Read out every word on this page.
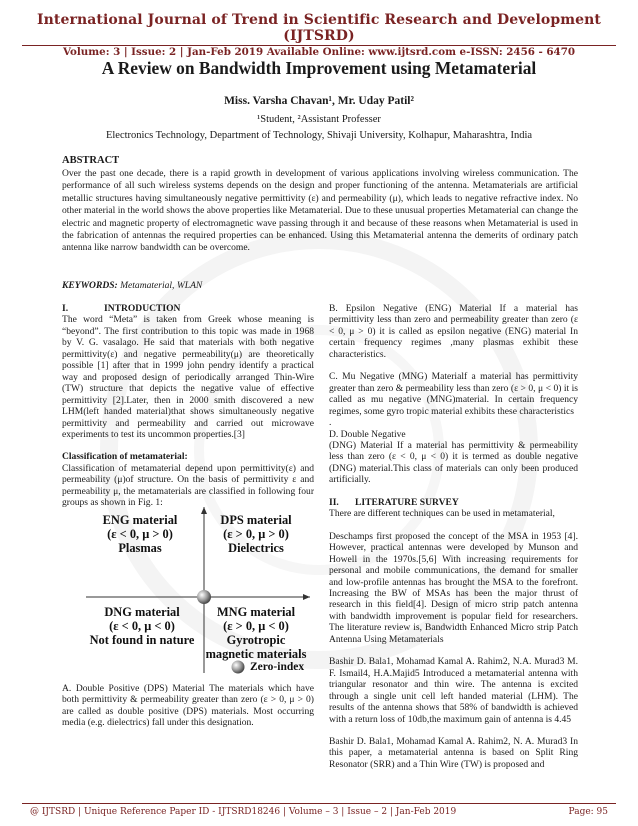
International Journal of Trend in Scientific Research and Development (IJTSRD)
Volume: 3 | Issue: 2 | Jan-Feb 2019 Available Online: www.ijtsrd.com e-ISSN: 2456 - 6470
A Review on Bandwidth Improvement using Metamaterial
Miss. Varsha Chavan¹, Mr. Uday Patil²
¹Student, ²Assistant Professer
Electronics Technology, Department of Technology, Shivaji University, Kolhapur, Maharashtra, India
ABSTRACT
Over the past one decade, there is a rapid growth in development of various applications involving wireless communication. The performance of all such wireless systems depends on the design and proper functioning of the antenna. Metamaterials are artificial metallic structures having simultaneously negative permittivity (ε) and permeability (μ), which leads to negative refractive index. No other material in the world shows the above properties like Metamaterial. Due to these unusual properties Metamaterial can change the electric and magnetic property of electromagnetic wave passing through it and because of these reasons when Metamaterial is used in the fabrication of antennas the required properties can be enhanced. Using this Metamaterial antenna the demerits of ordinary patch antenna like narrow bandwidth can be overcome.
KEYWORDS: Metamaterial, WLAN
I.	INTRODUCTION

The word “Meta” is taken from Greek whose meaning is “beyond”. The first contribution to this topic was made in 1968 by V. G. vasalago. He said that materials with both negative permittivity(ε) and negative permeability(μ) are theoretically possible [1] after that in 1999 john pendry identify a practical way and proposed design of periodically arranged Thin-Wire (TW) structure that depicts the negative value of effective permittivity [2].Later, then in 2000 smith discovered a new LHM(left handed material)that shows simultaneously negative permittivity and permeability and carried out microwave experiments to test its uncommon properties.[3]

Classification of metamaterial:

Classification of metamaterial depend upon permittivity(ε) and permeability (μ)of structure. On the basis of permittivity ε and permeability μ, the metamaterials are classified in following four groups as shown in Fig. 1:

ENG material
(ε < 0, μ > 0)
Plasmas
DPS material
(ε > 0, μ > 0)
Dielectrics
DNG material
(ε < 0, μ < 0)
Not found in nature
MNG material
(ε > 0, μ < 0)
Gyrotropic
magnetic materials
Zero-index
A. Double Positive (DPS) Material The materials which have both permittivity & permeability greater than zero (ε > 0, μ > 0) are called as double positive (DPS) materials. Most occurring media (e.g. dielectrics) fall under this designation.

B. Epsilon Negative (ENG) Material If a material has permittivity less than zero and permeability greater than zero (ε < 0, μ > 0) it is called as epsilon negative (ENG) material In certain frequency regimes ,many plasmas exhibit these characteristics.

C. Mu Negative (MNG) Materialf a material has permittivity greater than zero & permeability less than zero (ε > 0, μ < 0) it is called as mu negative (MNG)material. In certain frequency regimes, some gyro tropic material exhibits these characteristics

.
D. Double Negative

(DNG) Material If a material has permittivity & permeability less than zero (ε < 0, μ < 0) it is termed as double negative (DNG) material.This class of materials can only been produced artificially.

II.	LITERATURE SURVEY

There are different techniques can be used in metamaterial,

Deschamps first proposed the concept of the MSA in 1953 [4]. However, practical antennas were developed by Munson and Howell in the 1970s.[5,6] With increasing requirements for personal and mobile communications, the demand for smaller and low-profile antennas has brought the MSA to the forefront. Increasing the BW of MSAs has been the major thrust of research in this field[4]. Design of micro strip patch antenna with bandwidth improvement is popular field for researchers. The literature review is, Bandwidth Enhanced Micro strip Patch Antenna Using Metamaterials

Bashir D. Bala1, Mohamad Kamal A. Rahim2, N.A. Murad3 M. F. Ismail4, H.A.Majid5 Introduced a metamaterial antenna with triangular resonator and thin wire. The antenna is excited through a single unit cell left handed material (LHM). The results of the antenna shows that 58% of bandwidth is achieved with a return loss of 10db,the maximum gain of antenna is 4.45

Bashir D. Bala1, Mohamad Kamal A. Rahim2, N. A. Murad3 In this paper, a metamaterial antenna is based on Split Ring Resonator (SRR) and a Thin Wire (TW) is proposed and

@ IJTSRD | Unique Reference Paper ID - IJTSRD18246 | Volume – 3 | Issue – 2 | Jan-Feb 2019	Page: 95
